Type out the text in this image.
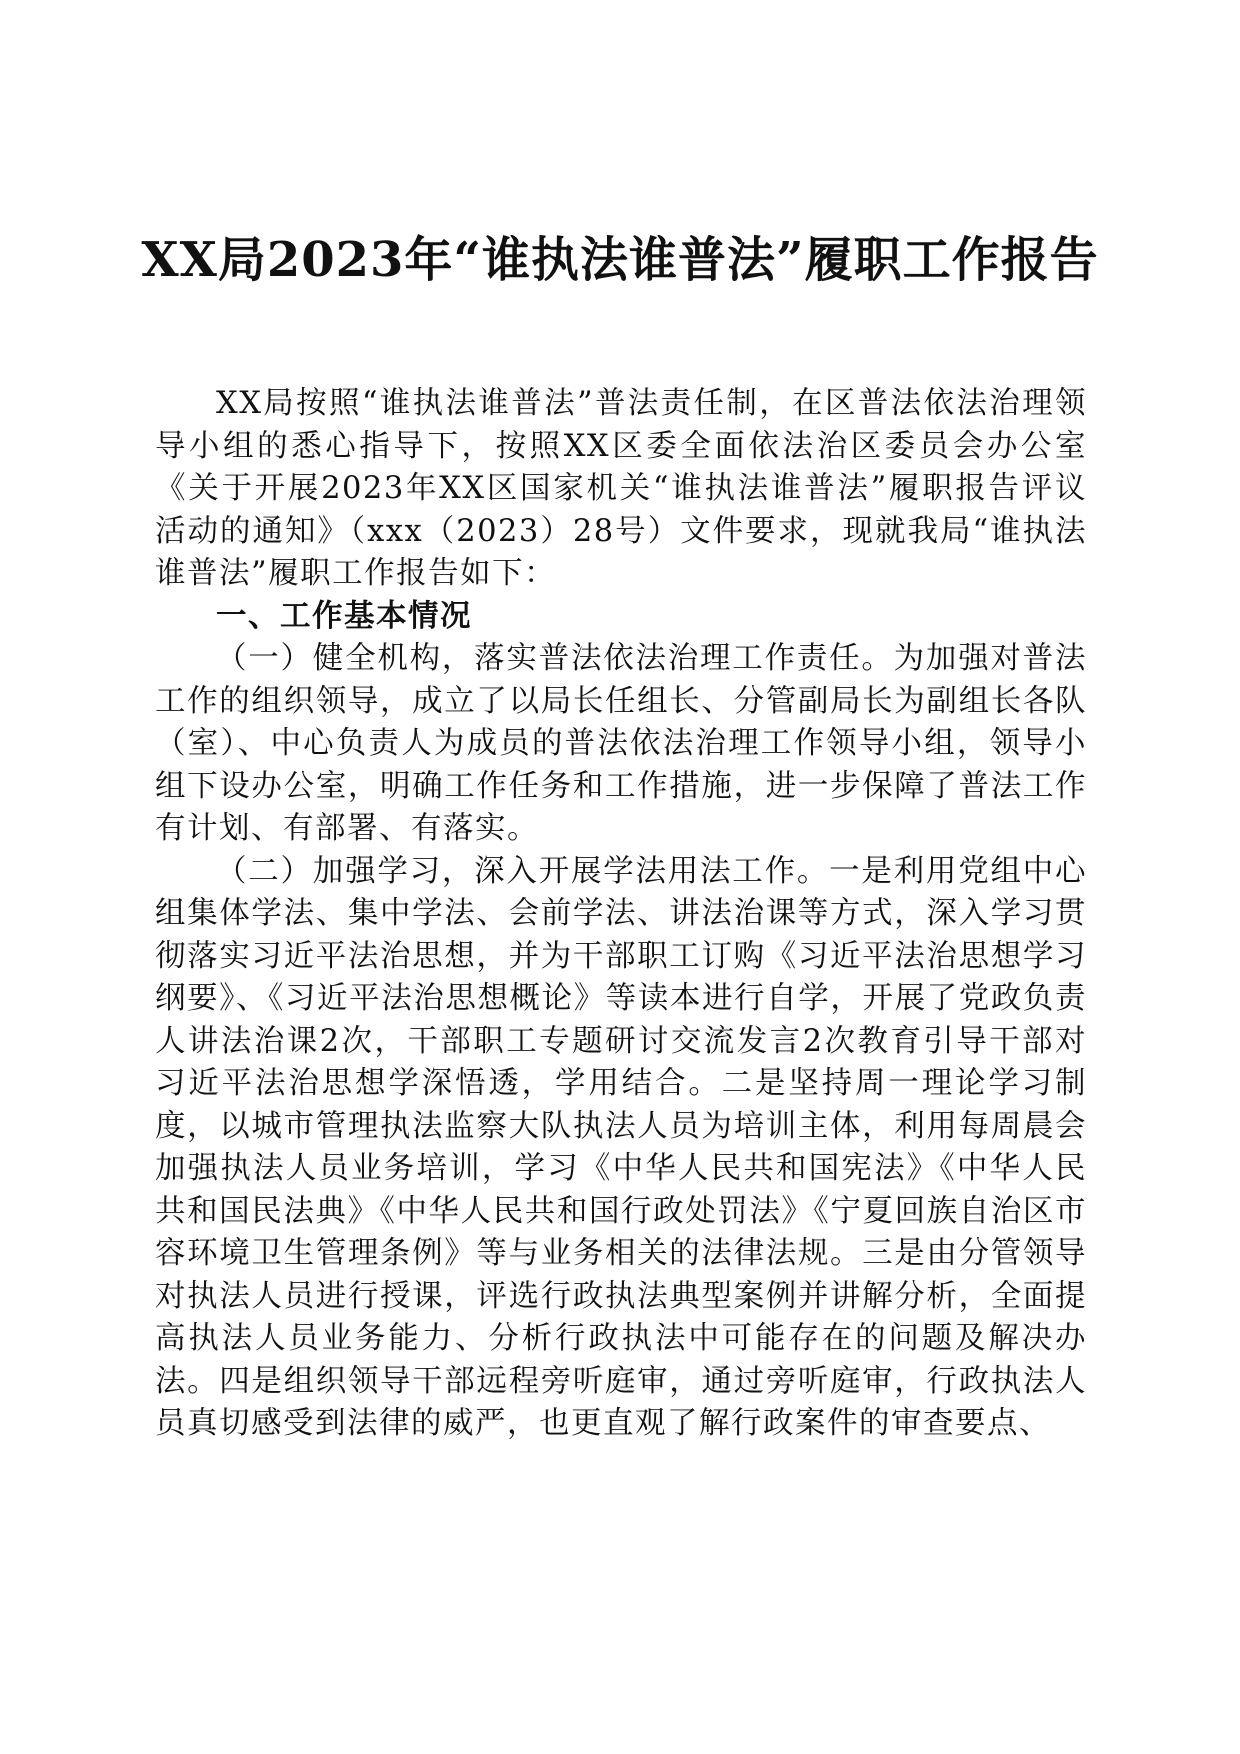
XX局2023年“谁执法谁普法”履职工作报告

XX局按照“谁执法谁普法”普法责任制，在区普法依法治理领导小组的悉心指导下，按照XX区委全面依法治区委员会办公室《关于开展2023年XX区国家机关“谁执法谁普法”履职报告评议活动的通知》（xxx（2023）28号）文件要求，现就我局“谁执法谁普法”履职工作报告如下：

一、工作基本情况

（一）健全机构，落实普法依法治理工作责任。为加强对普法工作的组织领导，成立了以局长任组长、分管副局长为副组长各队（室）、中心负责人为成员的普法依法治理工作领导小组，领导小组下设办公室，明确工作任务和工作措施，进一步保障了普法工作有计划、有部署、有落实。

（二）加强学习，深入开展学法用法工作。一是利用党组中心组集体学法、集中学法、会前学法、讲法治课等方式，深入学习贯彻落实习近平法治思想，并为干部职工订购《习近平法治思想学习纲要》、《习近平法治思想概论》等读本进行自学，开展了党政负责人讲法治课2次，干部职工专题研讨交流发言2次教育引导干部对习近平法治思想学深悟透，学用结合。二是坚持周一理论学习制度，以城市管理执法监察大队执法人员为培训主体，利用每周晨会加强执法人员业务培训，学习《中华人民共和国宪法》《中华人民共和国民法典》《中华人民共和国行政处罚法》《宁夏回族自治区市容环境卫生管理条例》等与业务相关的法律法规。三是由分管领导对执法人员进行授课，评选行政执法典型案例并讲解分析，全面提高执法人员业务能力、分析行政执法中可能存在的问题及解决办法。四是组织领导干部远程旁听庭审，通过旁听庭审，行政执法人员真切感受到法律的威严，也更直观了解行政案件的审查要点、
